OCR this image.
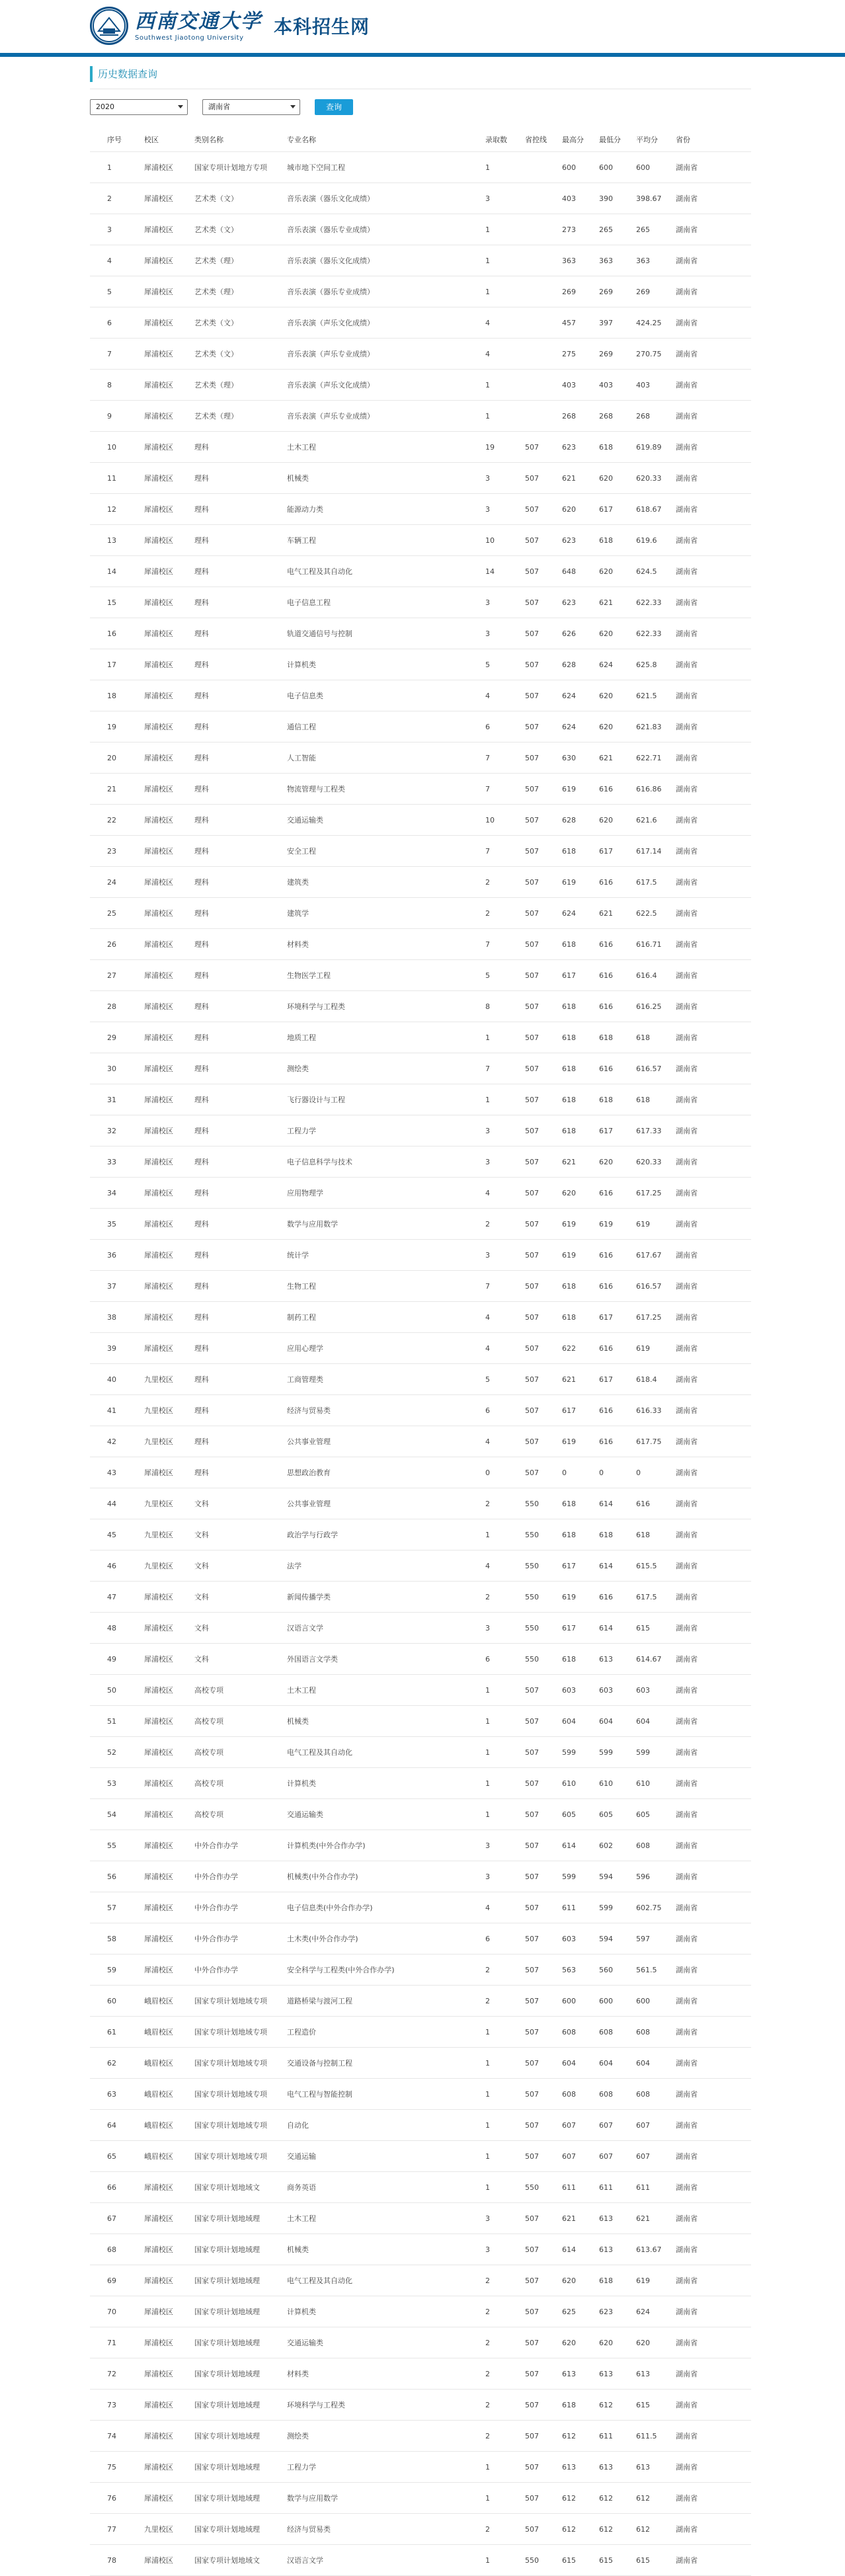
西南交通大学
Southwest Jiaotong University	本科招生网
历史数据查询
2020	湖南省	查询
序号	校区	类别名称	专业名称	录取数	省控线	最高分	最低分	平均分	省份
1	犀浦校区	国家专项计划地方专项	城市地下空间工程	1		600	600	600	湖南省
2	犀浦校区	艺术类（文）	音乐表演（器乐文化成绩）	3		403	390	398.67	湖南省
3	犀浦校区	艺术类（文）	音乐表演（器乐专业成绩）	1		273	265	265	湖南省
4	犀浦校区	艺术类（理）	音乐表演（器乐文化成绩）	1		363	363	363	湖南省
5	犀浦校区	艺术类（理）	音乐表演（器乐专业成绩）	1		269	269	269	湖南省
6	犀浦校区	艺术类（文）	音乐表演（声乐文化成绩）	4		457	397	424.25	湖南省
7	犀浦校区	艺术类（文）	音乐表演（声乐专业成绩）	4		275	269	270.75	湖南省
8	犀浦校区	艺术类（理）	音乐表演（声乐文化成绩）	1		403	403	403	湖南省
9	犀浦校区	艺术类（理）	音乐表演（声乐专业成绩）	1		268	268	268	湖南省
10	犀浦校区	理科	土木工程	19	507	623	618	619.89	湖南省
11	犀浦校区	理科	机械类	3	507	621	620	620.33	湖南省
12	犀浦校区	理科	能源动力类	3	507	620	617	618.67	湖南省
13	犀浦校区	理科	车辆工程	10	507	623	618	619.6	湖南省
14	犀浦校区	理科	电气工程及其自动化	14	507	648	620	624.5	湖南省
15	犀浦校区	理科	电子信息工程	3	507	623	621	622.33	湖南省
16	犀浦校区	理科	轨道交通信号与控制	3	507	626	620	622.33	湖南省
17	犀浦校区	理科	计算机类	5	507	628	624	625.8	湖南省
18	犀浦校区	理科	电子信息类	4	507	624	620	621.5	湖南省
19	犀浦校区	理科	通信工程	6	507	624	620	621.83	湖南省
20	犀浦校区	理科	人工智能	7	507	630	621	622.71	湖南省
21	犀浦校区	理科	物流管理与工程类	7	507	619	616	616.86	湖南省
22	犀浦校区	理科	交通运输类	10	507	628	620	621.6	湖南省
23	犀浦校区	理科	安全工程	7	507	618	617	617.14	湖南省
24	犀浦校区	理科	建筑类	2	507	619	616	617.5	湖南省
25	犀浦校区	理科	建筑学	2	507	624	621	622.5	湖南省
26	犀浦校区	理科	材料类	7	507	618	616	616.71	湖南省
27	犀浦校区	理科	生物医学工程	5	507	617	616	616.4	湖南省
28	犀浦校区	理科	环境科学与工程类	8	507	618	616	616.25	湖南省
29	犀浦校区	理科	地质工程	1	507	618	618	618	湖南省
30	犀浦校区	理科	测绘类	7	507	618	616	616.57	湖南省
31	犀浦校区	理科	飞行器设计与工程	1	507	618	618	618	湖南省
32	犀浦校区	理科	工程力学	3	507	618	617	617.33	湖南省
33	犀浦校区	理科	电子信息科学与技术	3	507	621	620	620.33	湖南省
34	犀浦校区	理科	应用物理学	4	507	620	616	617.25	湖南省
35	犀浦校区	理科	数学与应用数学	2	507	619	619	619	湖南省
36	犀浦校区	理科	统计学	3	507	619	616	617.67	湖南省
37	犀浦校区	理科	生物工程	7	507	618	616	616.57	湖南省
38	犀浦校区	理科	制药工程	4	507	618	617	617.25	湖南省
39	犀浦校区	理科	应用心理学	4	507	622	616	619	湖南省
40	九里校区	理科	工商管理类	5	507	621	617	618.4	湖南省
41	九里校区	理科	经济与贸易类	6	507	617	616	616.33	湖南省
42	九里校区	理科	公共事业管理	4	507	619	616	617.75	湖南省
43	犀浦校区	理科	思想政治教育	0	507	0	0	0	湖南省
44	九里校区	文科	公共事业管理	2	550	618	614	616	湖南省
45	九里校区	文科	政治学与行政学	1	550	618	618	618	湖南省
46	九里校区	文科	法学	4	550	617	614	615.5	湖南省
47	犀浦校区	文科	新闻传播学类	2	550	619	616	617.5	湖南省
48	犀浦校区	文科	汉语言文学	3	550	617	614	615	湖南省
49	犀浦校区	文科	外国语言文学类	6	550	618	613	614.67	湖南省
50	犀浦校区	高校专项	土木工程	1	507	603	603	603	湖南省
51	犀浦校区	高校专项	机械类	1	507	604	604	604	湖南省
52	犀浦校区	高校专项	电气工程及其自动化	1	507	599	599	599	湖南省
53	犀浦校区	高校专项	计算机类	1	507	610	610	610	湖南省
54	犀浦校区	高校专项	交通运输类	1	507	605	605	605	湖南省
55	犀浦校区	中外合作办学	计算机类(中外合作办学)	3	507	614	602	608	湖南省
56	犀浦校区	中外合作办学	机械类(中外合作办学)	3	507	599	594	596	湖南省
57	犀浦校区	中外合作办学	电子信息类(中外合作办学)	4	507	611	599	602.75	湖南省
58	犀浦校区	中外合作办学	土木类(中外合作办学)	6	507	603	594	597	湖南省
59	犀浦校区	中外合作办学	安全科学与工程类(中外合作办学)	2	507	563	560	561.5	湖南省
60	峨眉校区	国家专项计划地域专项	道路桥梁与渡河工程	2	507	600	600	600	湖南省
61	峨眉校区	国家专项计划地域专项	工程造价	1	507	608	608	608	湖南省
62	峨眉校区	国家专项计划地域专项	交通设备与控制工程	1	507	604	604	604	湖南省
63	峨眉校区	国家专项计划地域专项	电气工程与智能控制	1	507	608	608	608	湖南省
64	峨眉校区	国家专项计划地域专项	自动化	1	507	607	607	607	湖南省
65	峨眉校区	国家专项计划地域专项	交通运输	1	507	607	607	607	湖南省
66	犀浦校区	国家专项计划地域文	商务英语	1	550	611	611	611	湖南省
67	犀浦校区	国家专项计划地域理	土木工程	3	507	621	613	621	湖南省
68	犀浦校区	国家专项计划地域理	机械类	3	507	614	613	613.67	湖南省
69	犀浦校区	国家专项计划地域理	电气工程及其自动化	2	507	620	618	619	湖南省
70	犀浦校区	国家专项计划地域理	计算机类	2	507	625	623	624	湖南省
71	犀浦校区	国家专项计划地域理	交通运输类	2	507	620	620	620	湖南省
72	犀浦校区	国家专项计划地域理	材料类	2	507	613	613	613	湖南省
73	犀浦校区	国家专项计划地域理	环境科学与工程类	2	507	618	612	615	湖南省
74	犀浦校区	国家专项计划地域理	测绘类	2	507	612	611	611.5	湖南省
75	犀浦校区	国家专项计划地域理	工程力学	1	507	613	613	613	湖南省
76	犀浦校区	国家专项计划地域理	数学与应用数学	1	507	612	612	612	湖南省
77	九里校区	国家专项计划地域理	经济与贸易类	2	507	612	612	612	湖南省
78	犀浦校区	国家专项计划地域文	汉语言文学	1	550	615	615	615	湖南省
